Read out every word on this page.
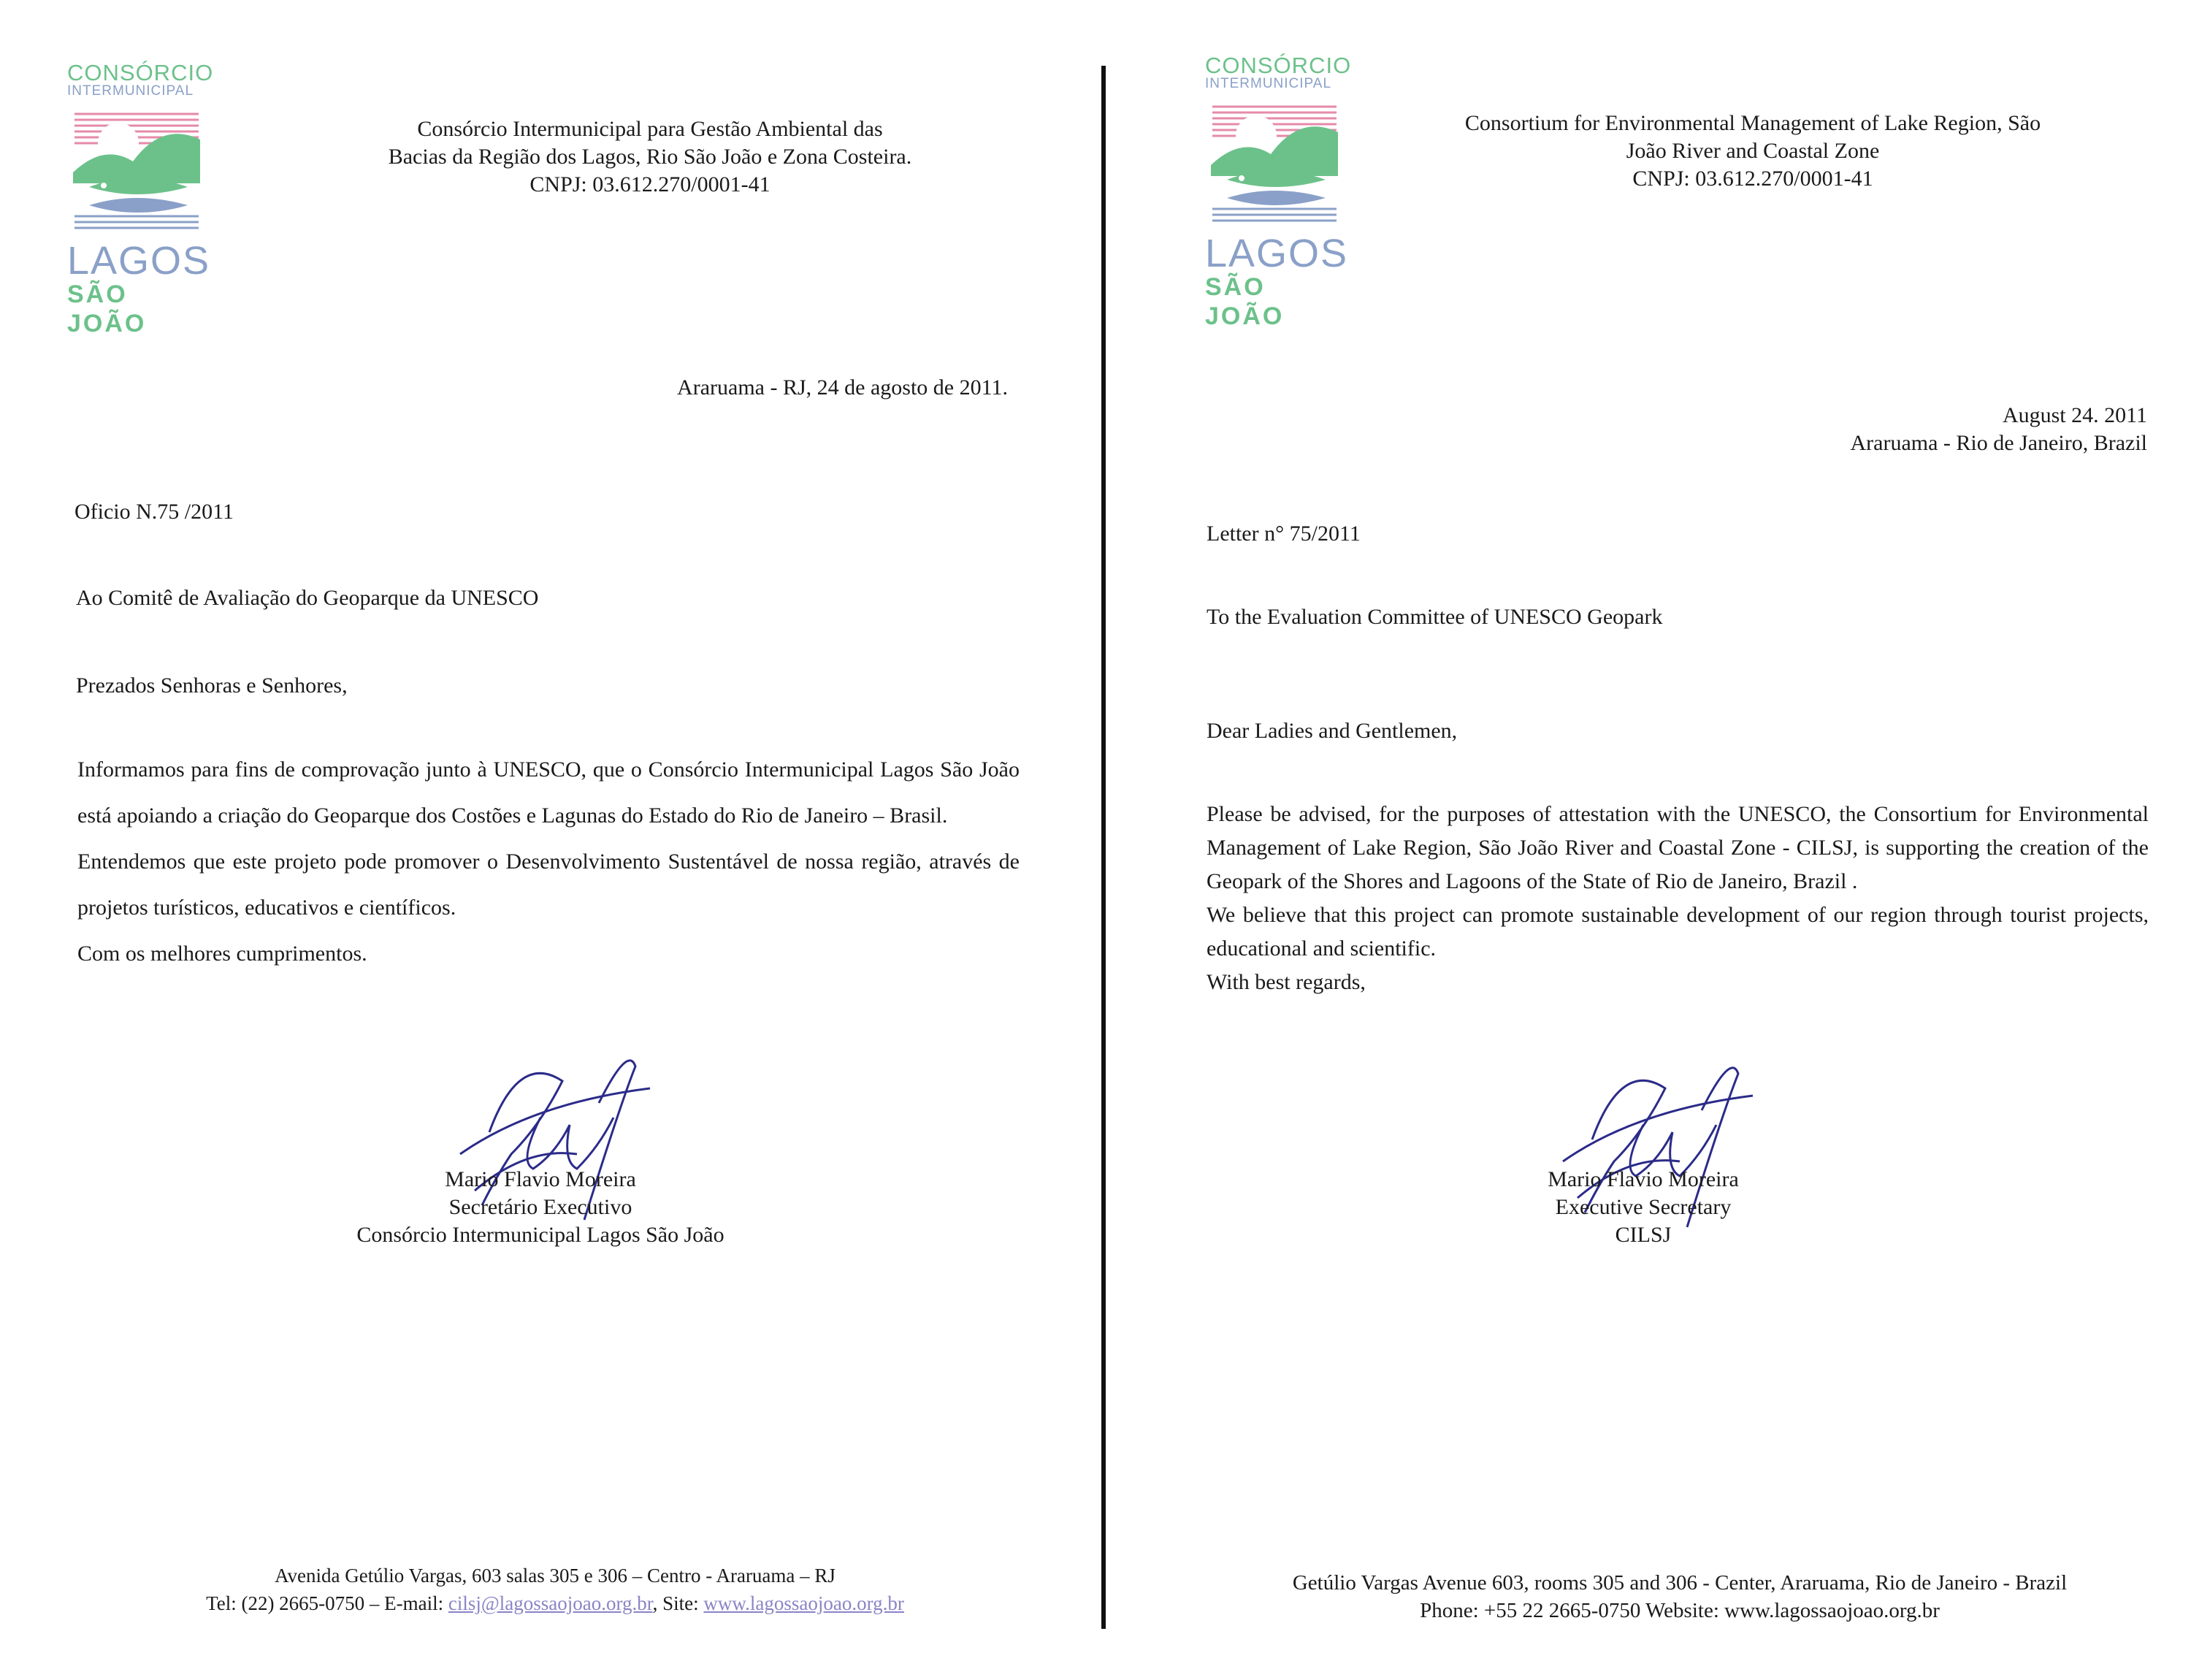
CONSÓRCIO
INTERMUNICIPAL
LAGOS
SÃO JOÃO
Consórcio Intermunicipal para Gestão Ambiental das
Bacias da Região dos Lagos, Rio São João e Zona Costeira.
CNPJ: 03.612.270/0001-41
Araruama - RJ, 24 de agosto de 2011.
Oficio N.75 /2011
Ao Comitê de Avaliação do Geoparque da UNESCO
Prezados Senhoras e Senhores,
Informamos para fins de comprovação junto à UNESCO, que o Consórcio Intermunicipal Lagos São João está apoiando a criação do Geoparque dos Costões e Lagunas do Estado do Rio de Janeiro – Brasil.
Entendemos que este projeto pode promover o Desenvolvimento Sustentável de nossa região, através de projetos turísticos, educativos e científicos.
Com os melhores cumprimentos.
Mario Flavio Moreira
Secretário Executivo
Consórcio Intermunicipal Lagos São João
Avenida Getúlio Vargas, 603 salas 305 e 306 – Centro - Araruama – RJ
Tel: (22) 2665-0750 – E-mail: cilsj@lagossaojoao.org.br, Site: www.lagossaojoao.org.br
CONSÓRCIO
INTERMUNICIPAL
LAGOS
SÃO JOÃO
Consortium for Environmental Management of Lake Region, São
João River and Coastal Zone
CNPJ: 03.612.270/0001-41
August 24. 2011
Araruama - Rio de Janeiro, Brazil
Letter n° 75/2011
To the Evaluation Committee of UNESCO Geopark
Dear Ladies and Gentlemen,
Please be advised, for the purposes of attestation with the UNESCO, the Consortium for Environmental Management of Lake Region, São João River and Coastal Zone - CILSJ, is supporting the creation of the Geopark of the Shores and Lagoons of the State of Rio de Janeiro, Brazil .
We believe that this project can promote sustainable development of our region through tourist projects, educational and scientific.
With best regards,
Mario Flavio Moreira
Executive Secretary
CILSJ
Getúlio Vargas Avenue 603, rooms 305 and 306 - Center, Araruama, Rio de Janeiro - Brazil
Phone: +55 22 2665-0750 Website: www.lagossaojoao.org.br
